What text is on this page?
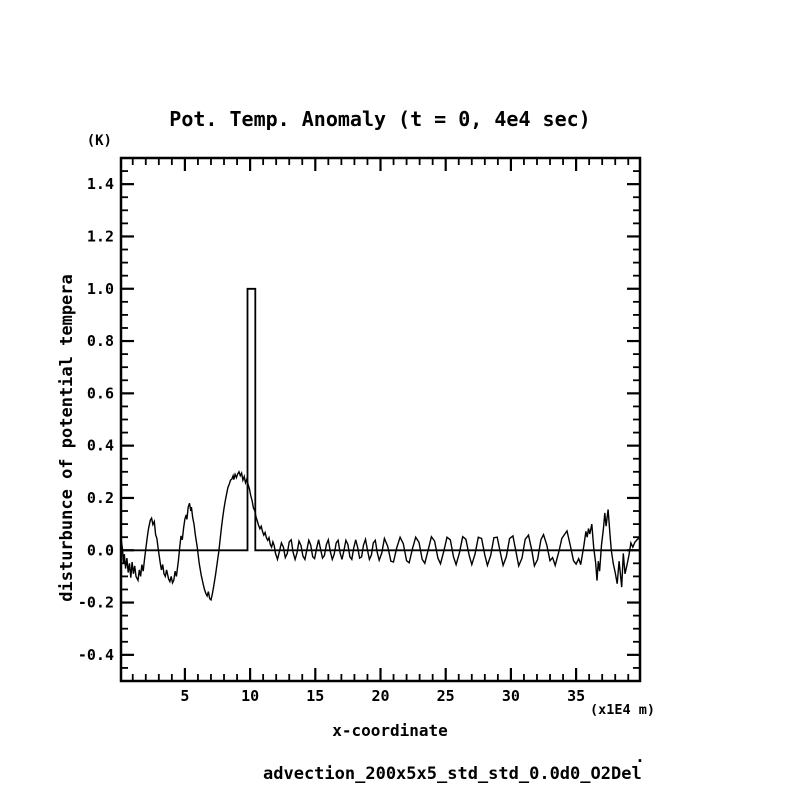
Pot. Temp. Anomaly (t = 0, 4e4 sec)
(K)
disturbunce of potential tempera
(x1E4 m)
x-coordinate
advection_200x5x5_std_std_0.0d0_O2Del
.
5	10	15	20	25	30	35
-0.4
-0.2
0.0
0.2
0.4
0.6
0.8
1.0
1.2
1.4
